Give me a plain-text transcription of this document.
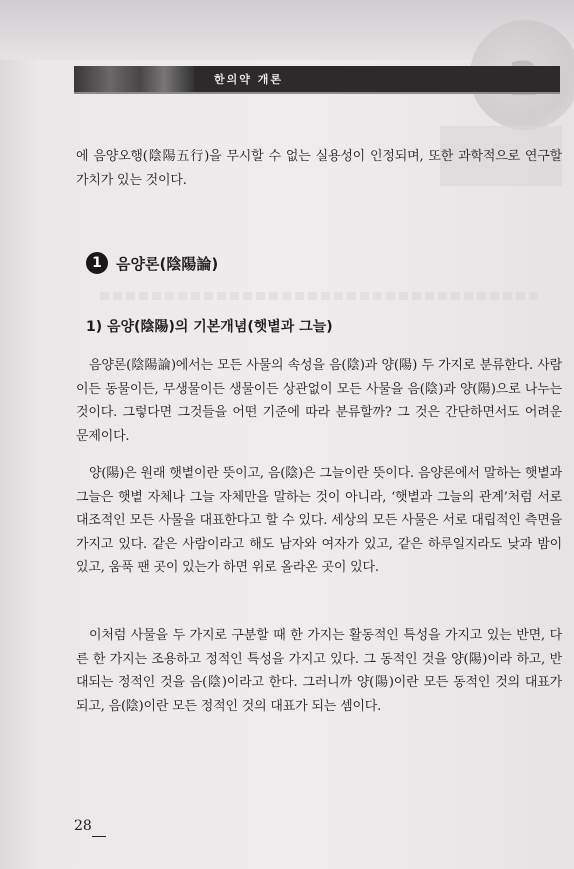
한의약 개론
에 음양오행(陰陽五行)을 무시할 수 없는 실용성이 인정되며, 또한 과학적으로 연구할 가치가 있는 것이다.
1 음양론(陰陽論)
1) 음양(陰陽)의 기본개념(햇볕과 그늘)
음양론(陰陽論)에서는 모든 사물의 속성을 음(陰)과 양(陽) 두 가지로 분류한다. 사람이든 동물이든, 무생물이든 생물이든 상관없이 모든 사물을 음(陰)과 양(陽)으로 나누는 것이다. 그렇다면 그것들을 어떤 기준에 따라 분류할까? 그 것은 간단하면서도 어려운 문제이다.
양(陽)은 원래 햇볕이란 뜻이고, 음(陰)은 그늘이란 뜻이다. 음양론에서 말하는 햇볕과 그늘은 햇볕 자체나 그늘 자체만을 말하는 것이 아니라, ‘햇볕과 그늘의 관계’처럼 서로 대조적인 모든 사물을 대표한다고 할 수 있다. 세상의 모든 사물은 서로 대립적인 측면을 가지고 있다. 같은 사람이라고 해도 남자와 여자가 있고, 같은 하루일지라도 낮과 밤이 있고, 움푹 팬 곳이 있는가 하면 위로 올라온 곳이 있다.
이처럼 사물을 두 가지로 구분할 때 한 가지는 활동적인 특성을 가지고 있는 반면, 다른 한 가지는 조용하고 정적인 특성을 가지고 있다. 그 동적인 것을 양(陽)이라 하고, 반대되는 정적인 것을 음(陰)이라고 한다. 그러니까 양(陽)이란 모든 동적인 것의 대표가 되고, 음(陰)이란 모든 정적인 것의 대표가 되는 셈이다.
28
